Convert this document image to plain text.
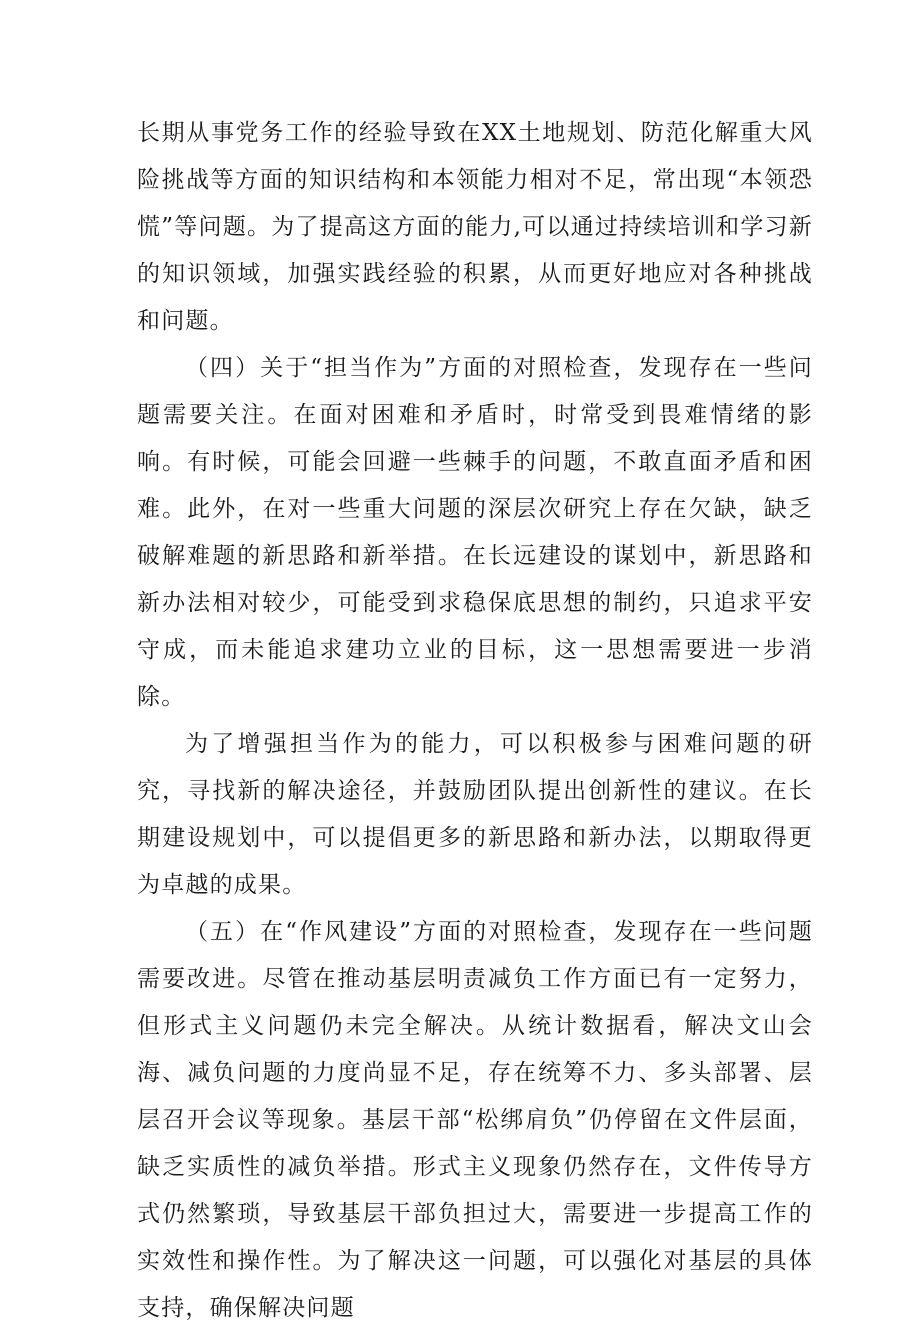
长期从事党务工作的经验导致在XX土地规划、防范化解重大风险挑战等方面的知识结构和本领能力相对不足，常出现“本领恐慌”等问题。为了提高这方面的能力,可以通过持续培训和学习新的知识领域，加强实践经验的积累，从而更好地应对各种挑战和问题。

（四）关于“担当作为”方面的对照检查，发现存在一些问题需要关注。在面对困难和矛盾时，时常受到畏难情绪的影响。有时候，可能会回避一些棘手的问题，不敢直面矛盾和困难。此外，在对一些重大问题的深层次研究上存在欠缺，缺乏破解难题的新思路和新举措。在长远建设的谋划中，新思路和新办法相对较少，可能受到求稳保底思想的制约，只追求平安守成，而未能追求建功立业的目标，这一思想需要进一步消除。

为了增强担当作为的能力，可以积极参与困难问题的研究，寻找新的解决途径，并鼓励团队提出创新性的建议。在长期建设规划中，可以提倡更多的新思路和新办法，以期取得更为卓越的成果。

（五）在“作风建设”方面的对照检查，发现存在一些问题需要改进。尽管在推动基层明责减负工作方面已有一定努力，但形式主义问题仍未完全解决。从统计数据看，解决文山会海、减负问题的力度尚显不足，存在统筹不力、多头部署、层层召开会议等现象。基层干部“松绑肩负”仍停留在文件层面，缺乏实质性的减负举措。形式主义现象仍然存在，文件传导方式仍然繁琐，导致基层干部负担过大，需要进一步提高工作的实效性和操作性。为了解决这一问题，可以强化对基层的具体支持，确保解决问题
